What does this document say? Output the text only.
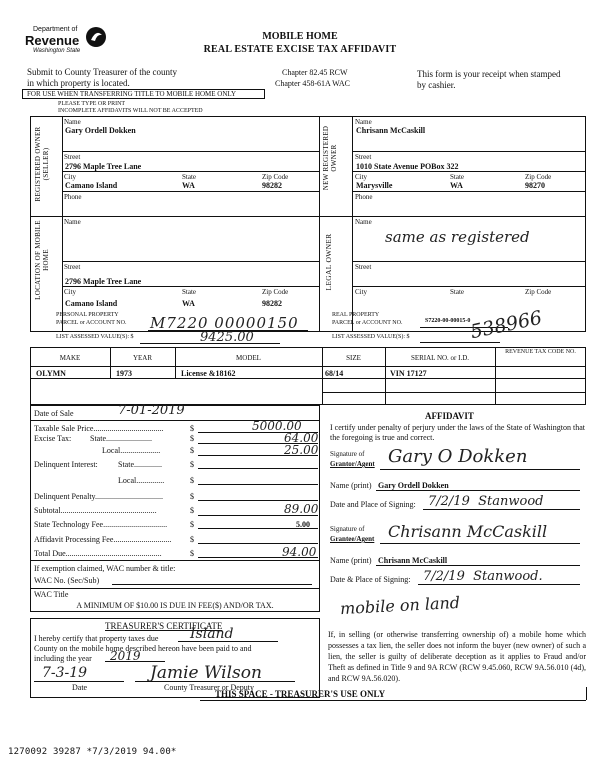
Department of
Revenue
Washington State
MOBILE HOME
REAL ESTATE EXCISE TAX AFFIDAVIT
Submit to County Treasurer of the county
in which property is located.
Chapter 82.45 RCW
Chapter 458-61A WAC
This form is your receipt when stamped
by cashier.
FOR USE WHEN TRANSFERRING TITLE TO MOBILE HOME ONLY
PLEASE TYPE OR PRINT
INCOMPLETE AFFIDAVITS WILL NOT BE ACCEPTED
REGISTERED OWNER (SELLER)
Name
Gary Ordell Dokken
Street
2796 Maple Tree Lane
City	State	Zip Code
Camano Island	WA	98282
Phone
NEW REGISTERED OWNER
Name
Chrisann McCaskill
Street
1010 State Avenue POBox 322
City	State	Zip Code
Marysville	WA	98270
Phone
LOCATION OF MOBILE HOME
Name
Street
2796 Maple Tree Lane
City	State	Zip Code
Camano Island	WA	98282
LEGAL OWNER
Name
same as registered
Street
City	State	Zip Code
PERSONAL PROPERTY
PARCEL or ACCOUNT NO. M7220 00000150
LIST ASSESSED VALUE(S): $	9425.00
REAL PROPERTY
PARCEL or ACCOUNT NO.	S7220-00-00015-0
LIST ASSESSED VALUE(S): $	538966
MAKE	YEAR	MODEL	SIZE	SERIAL NO. or I.D.
REVENUE TAX CODE NO.
OLYMN	1973	License &18162	68/14	VIN 17127
Date of Sale	7-01-2019
Taxable Sale Price...................................	$	5000.00
Excise Tax: State.......................	$	64.00
Local....................	$	25.00
Delinquent Interest:	State..............	$
Local..............	$
Delinquent Penalty..................................	$
Subtotal................................................	$	89.00
State Technology Fee................................	$	5.00
Affidavit Processing Fee.............................	$
Total Due................................................	$	94.00
If exemption claimed, WAC number & title:
WAC No. (Sec/Sub)
WAC Title
A MINIMUM OF $10.00 IS DUE IN FEE($) AND/OR TAX.
AFFIDAVIT
I certify under penalty of perjury under the laws of the State of Washington that the foregoing is true and correct.
Signature of
Grantor/Agent Gary O Dokken
Name (print) Gary Ordell Dokken
Date and Place of Signing: 7/2/19  Stanwood
Signature of
Grantee/Agent Chrisann McCaskill
Name (print) Chrisann McCaskill
Date & Place of Signing: 7/2/19  Stanwood.
mobile on land
TREASURER'S CERTIFICATE
I hereby certify that property taxes due Island
County on the mobile home described hereon have been paid to and
including the year 2019
7-3-19	Jamie Wilson
Date	County Treasurer or Deputy
If, in selling (or otherwise transferring ownership of) a mobile home which possesses a tax lien, the seller does not inform the buyer (new owner) of such a lien, the seller is guilty of deliberate deception as it applies to Fraud and/or Theft as defined in Title 9 and 9A RCW (RCW 9.45.060, RCW 9A.56.010 (4d), and RCW 9A.56.020).
THIS SPACE - TREASURER'S USE ONLY
1270092 39287 *7/3/2019 94.00*
